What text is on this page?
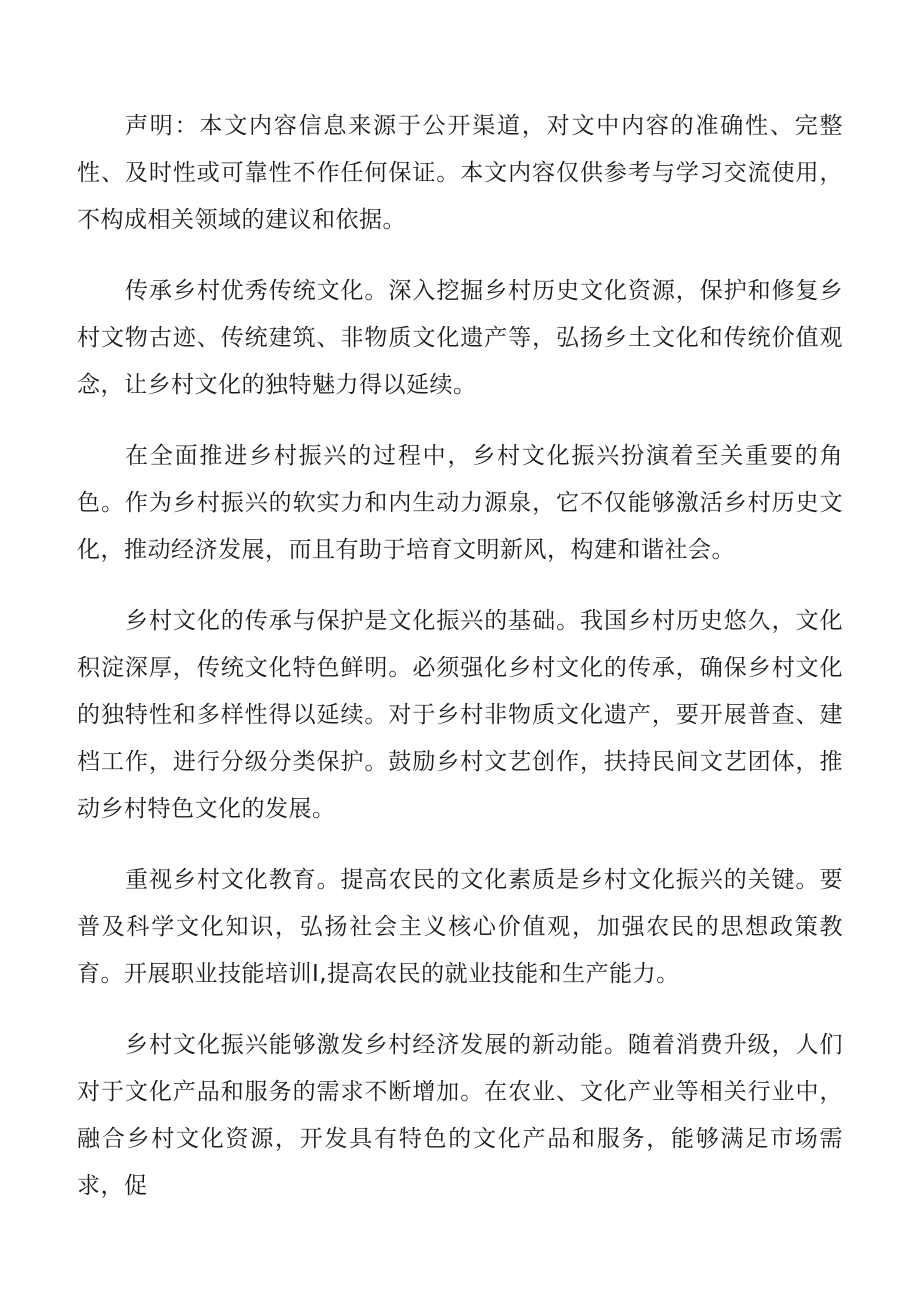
声明：本文内容信息来源于公开渠道，对文中内容的准确性、完整性、及时性或可靠性不作任何保证。本文内容仅供参考与学习交流使用，不构成相关领域的建议和依据。

传承乡村优秀传统文化。深入挖掘乡村历史文化资源，保护和修复乡村文物古迹、传统建筑、非物质文化遗产等，弘扬乡土文化和传统价值观念，让乡村文化的独特魅力得以延续。

在全面推进乡村振兴的过程中，乡村文化振兴扮演着至关重要的角色。作为乡村振兴的软实力和内生动力源泉，它不仅能够激活乡村历史文化，推动经济发展，而且有助于培育文明新风，构建和谐社会。

乡村文化的传承与保护是文化振兴的基础。我国乡村历史悠久，文化积淀深厚，传统文化特色鲜明。必须强化乡村文化的传承，确保乡村文化的独特性和多样性得以延续。对于乡村非物质文化遗产，要开展普查、建档工作，进行分级分类保护。鼓励乡村文艺创作，扶持民间文艺团体，推动乡村特色文化的发展。

重视乡村文化教育。提高农民的文化素质是乡村文化振兴的关键。要普及科学文化知识，弘扬社会主义核心价值观，加强农民的思想政策教育。开展职业技能培训I,提高农民的就业技能和生产能力。

乡村文化振兴能够激发乡村经济发展的新动能。随着消费升级，人们对于文化产品和服务的需求不断增加。在农业、文化产业等相关行业中，融合乡村文化资源，开发具有特色的文化产品和服务，能够满足市场需求，促
